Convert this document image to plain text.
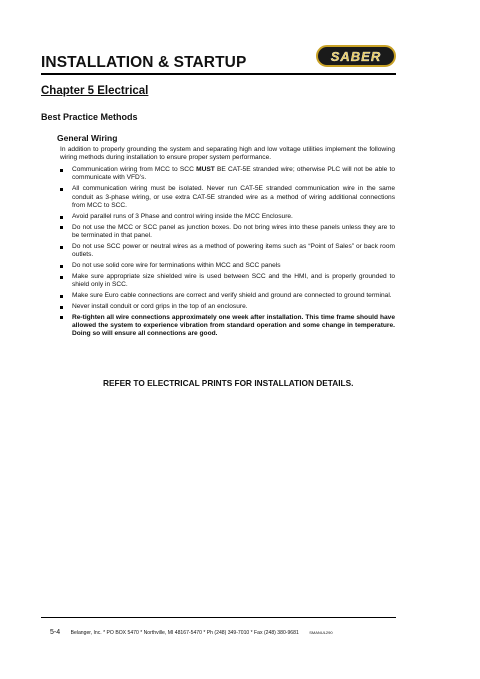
INSTALLATION & STARTUP	SABER
Chapter 5 Electrical
Best Practice Methods
General Wiring

In addition to properly grounding the system and separating high and low voltage utilities implement the following wiring methods during installation to ensure proper system performance.

Communication wiring from MCC to SCC MUST BE CAT-5E stranded wire; otherwise PLC will not be able to communicate with VFD’s.
All communication wiring must be isolated. Never run CAT-5E stranded communication wire in the same conduit as 3-phase wiring, or use extra CAT-5E stranded wire as a method of wiring additional connections from MCC to SCC.
Avoid parallel runs of 3 Phase and control wiring inside the MCC Enclosure.
Do not use the MCC or SCC panel as junction boxes. Do not bring wires into these panels unless they are to be terminated in that panel.
Do not use SCC power or neutral wires as a method of powering items such as “Point of Sales” or back room outlets.
Do not use solid core wire for terminations within MCC and SCC panels
Make sure appropriate size shielded wire is used between SCC and the HMI, and is properly grounded to shield only in SCC.
Make sure Euro cable connections are correct and verify shield and ground are connected to ground terminal.
Never install conduit or cord grips in the top of an enclosure.
Re-tighten all wire connections approximately one week after installation. This time frame should have allowed the system to experience vibration from standard operation and some change in temperature. Doing so will ensure all connections are good.
REFER TO ELECTRICAL PRINTS FOR INSTALLATION DETAILS.
5-4 Belanger, Inc. * PO BOX 5470 * Northville, MI 48167-5470 * Ph (248) 349-7010 * Fax (248) 380-9681	SMANUL290
